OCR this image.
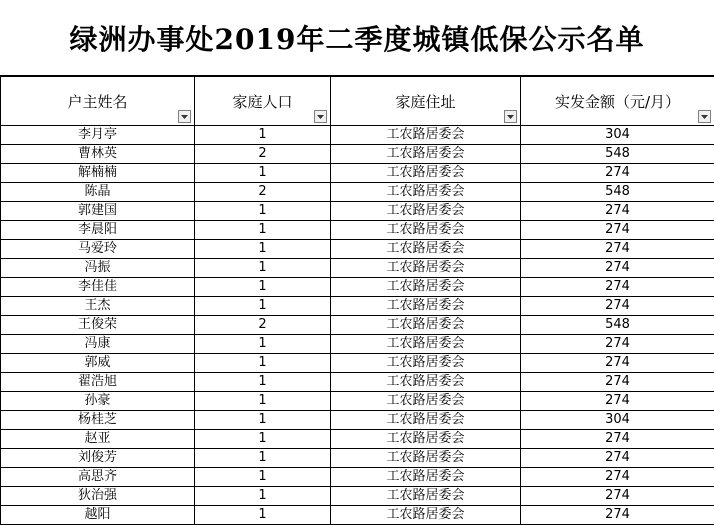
绿洲办事处2019年二季度城镇低保公示名单
户主姓名	家庭人口	家庭住址	实发金额（元/月）

李月亭	1	工农路居委会	304
曹林英	2	工农路居委会	548
解楠楠	1	工农路居委会	274
陈晶	2	工农路居委会	548
郭建国	1	工农路居委会	274
李晨阳	1	工农路居委会	274
马爱玲	1	工农路居委会	274
冯振	1	工农路居委会	274
李佳佳	1	工农路居委会	274
王杰	1	工农路居委会	274
王俊荣	2	工农路居委会	548
冯康	1	工农路居委会	274
郭威	1	工农路居委会	274
翟浩旭	1	工农路居委会	274
孙豪	1	工农路居委会	274
杨桂芝	1	工农路居委会	304
赵亚	1	工农路居委会	274
刘俊芳	1	工农路居委会	274
高思齐	1	工农路居委会	274
狄治强	1	工农路居委会	274
越阳	1	工农路居委会	274
